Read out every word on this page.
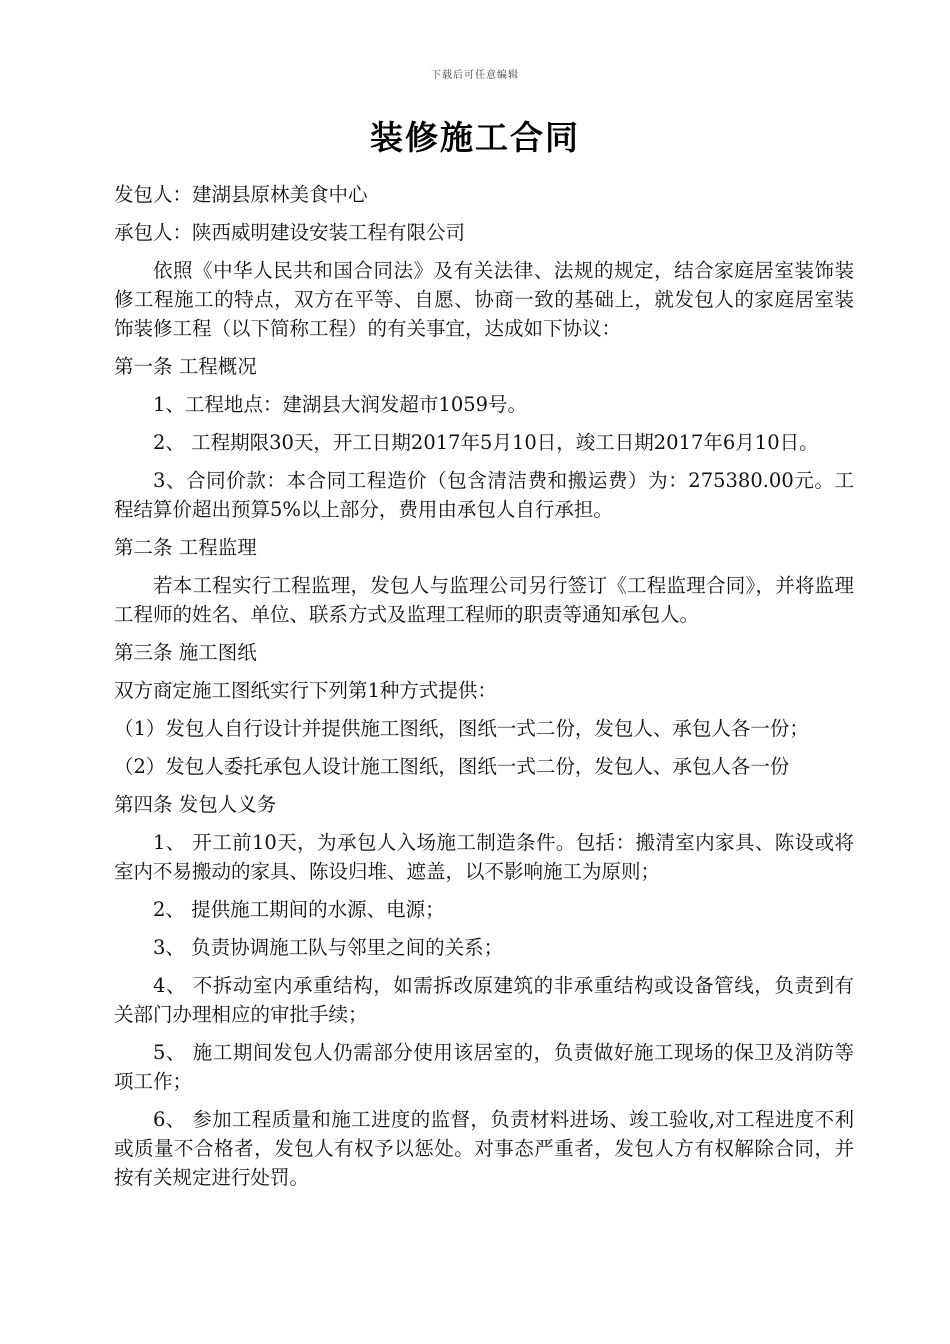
下载后可任意编辑
装修施工合同

发包人：建湖县原林美食中心

承包人：陕西威明建设安装工程有限公司

依照《中华人民共和国合同法》及有关法律、法规的规定，结合家庭居室装饰装修工程施工的特点，双方在平等、自愿、协商一致的基础上，就发包人的家庭居室装饰装修工程（以下简称工程）的有关事宜，达成如下协议：

第一条 工程概况

1、工程地点：建湖县大润发超市1059号。

2、 工程期限30天，开工日期2017年5月10日，竣工日期2017年6月10日。

3、合同价款：本合同工程造价（包含清洁费和搬运费）为：275380.00元。工程结算价超出预算5%以上部分，费用由承包人自行承担。

第二条 工程监理

若本工程实行工程监理，发包人与监理公司另行签订《工程监理合同》，并将监理工程师的姓名、单位、联系方式及监理工程师的职责等通知承包人。

第三条 施工图纸

双方商定施工图纸实行下列第1种方式提供：

（1）发包人自行设计并提供施工图纸，图纸一式二份，发包人、承包人各一份；

（2）发包人委托承包人设计施工图纸，图纸一式二份，发包人、承包人各一份

第四条 发包人义务

1、 开工前10天，为承包人入场施工制造条件。包括：搬清室内家具、陈设或将室内不易搬动的家具、陈设归堆、遮盖，以不影响施工为原则；

2、 提供施工期间的水源、电源；

3、 负责协调施工队与邻里之间的关系；

4、 不拆动室内承重结构，如需拆改原建筑的非承重结构或设备管线，负责到有关部门办理相应的审批手续；

5、 施工期间发包人仍需部分使用该居室的，负责做好施工现场的保卫及消防等项工作；

6、 参加工程质量和施工进度的监督，负责材料进场、竣工验收,对工程进度不利或质量不合格者，发包人有权予以惩处。对事态严重者，发包人方有权解除合同，并按有关规定进行处罚。
